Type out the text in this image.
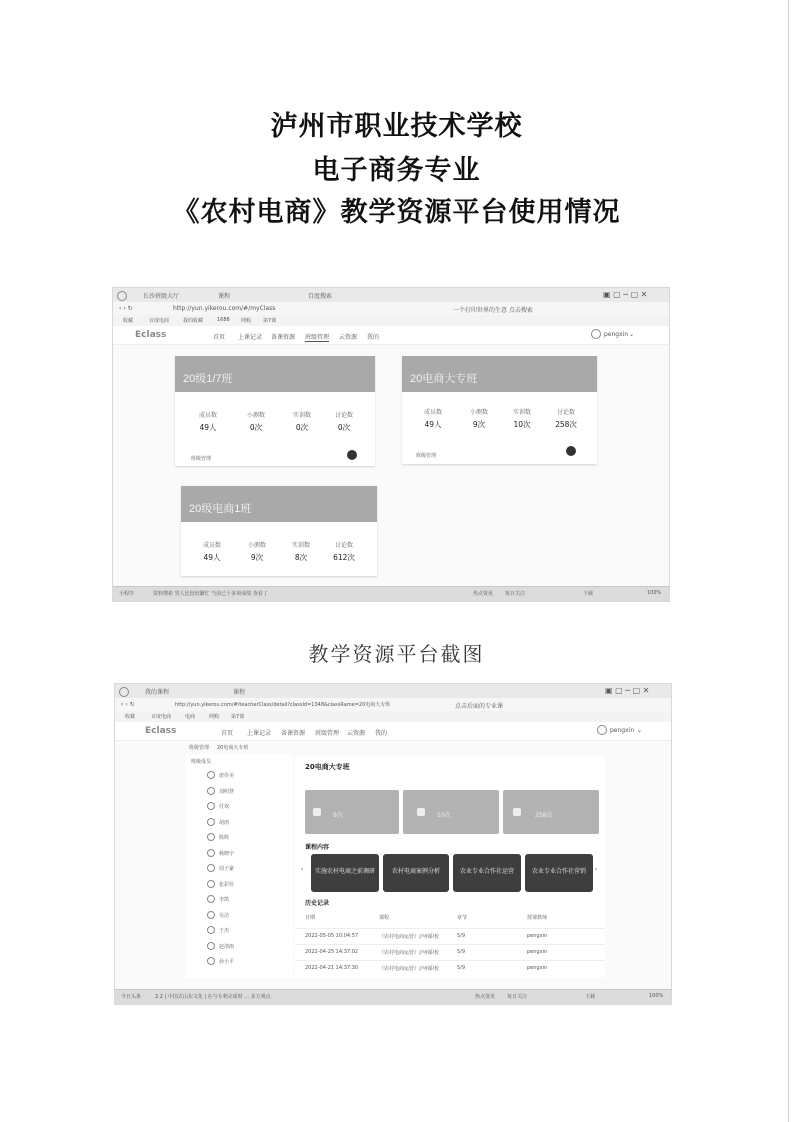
泸州市职业技术学校
电子商务专业
《农村电商》教学资源平台使用情况
长沙班级大厅	课程	百度搜索	▣ ▢ ─ ▢ ✕
‹ › ↻	http://yun.yikerou.com/#/myClass	一个打印世界的生意 点击搜索
收藏	百度电商	我的收藏	1688 网购 第7课
Eclass	首页 上课记录 备课资源 班级管理 云资源 我的	pengxin ⌄
20级1/7班
成员数
49人
小测数
0次
实训数
0次
讨论数
0次
班级管理
20电商大专班
成员数
49人
小测数
9次
实训数
10次
讨论数
258次
班级管理
20级电商1班
成员数
49人
小测数
9次
实训数
8次
讨论数
612次
小程序	资料搜索 男人比较较繁忙 当前已十多项成绩 查看了	热点资讯 每日关注	下载	100%
教学资源平台截图
我的课程	课程	▣ ▢ ─ ▢ ✕
‹ › ↻	http://yun.yikerou.com/#/teacherClass/detail?classId=1348&classRame=20电商大专班	点击后面的专业课
收藏	百度电商	电商	网购 第7课
Eclass	首页 上课记录 备课资源 班级管理 云资源 我的	pengxin ⌄
班级管理 20电商大专班
班级成员
唐佳美
刘明慧
付欢
胡雨
陈辉
杨晓宇
周子豪
张彩佳
李凯
吴洁
王杰
赵清雨
孙小平
20电商大专班
9次	10次	258次
课程内容
‹	实施农村电商之前调研	农村电商案例分析	农业专业合作社运营	农业专业合作社营销	›
历史记录
日期	课程	章节	授课教师
2022-05-05 10:04:57	《农村电商运营》泸州职校	5/9	pengxin
2022-04-25 14:37:02	《农村电商运营》泸州职校	5/9	pengxin
2022-04-21 14:37:30	《农村电商运营》泸州职校	5/9	pengxin
今日头条	2.2 | 中国式山东文化 | 在与专利完成时 ... 多方观点	热点资讯 每日关注	下载	100%
